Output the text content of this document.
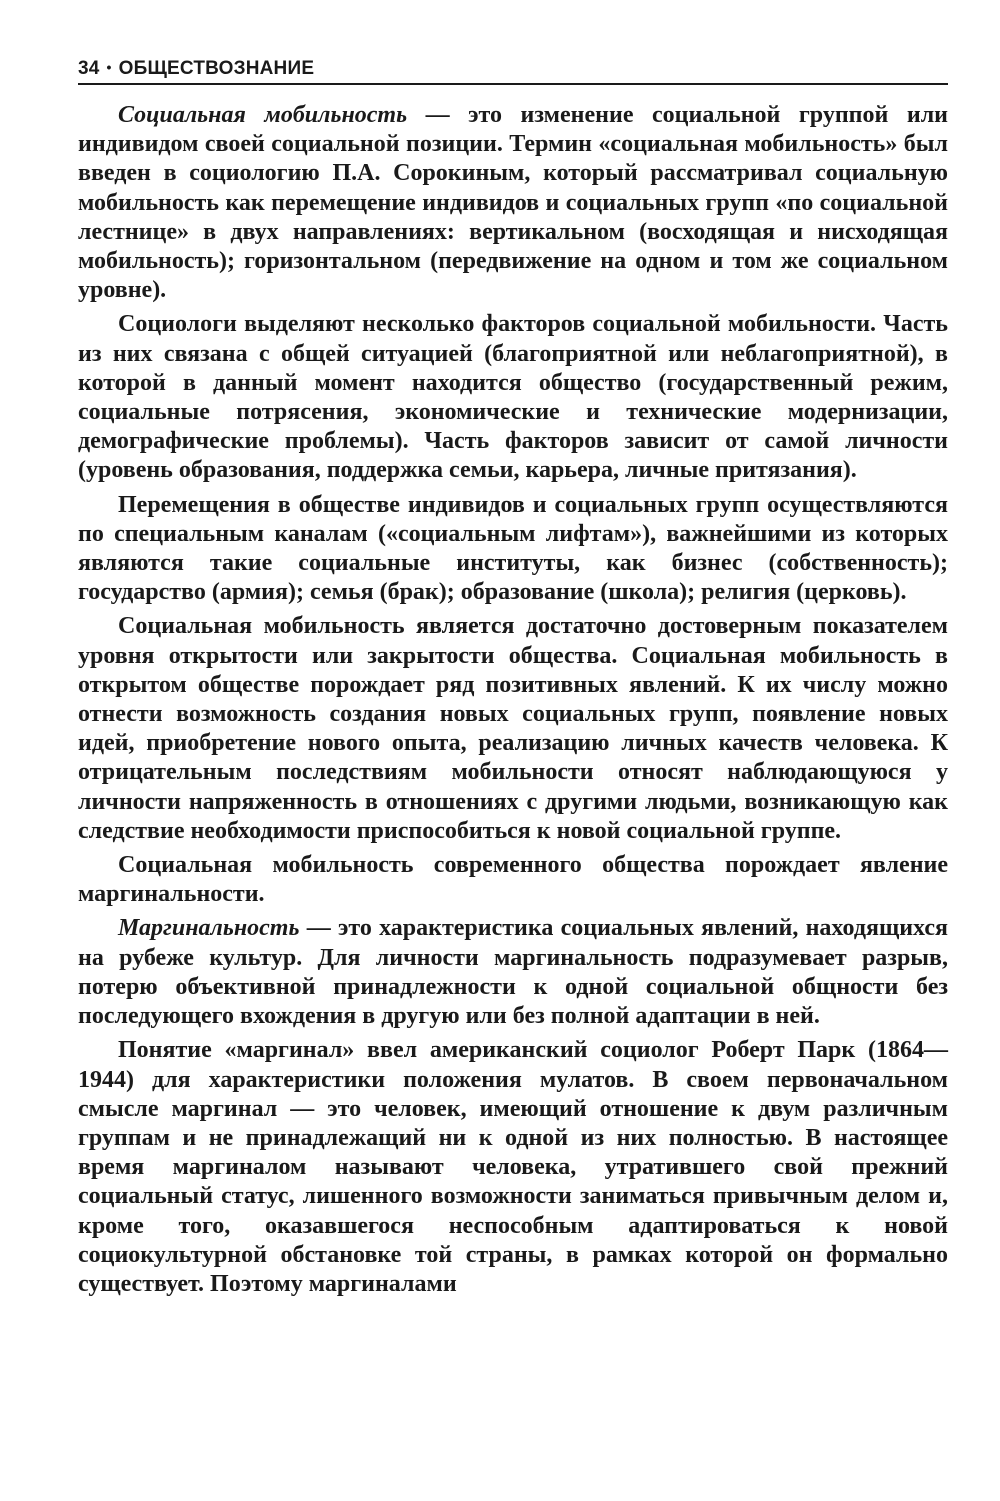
34 • ОБЩЕСТВОЗНАНИЕ

Социальная мобильность — это изменение социальной группой или индивидом своей социальной позиции. Термин «социальная мобильность» был введен в социологию П.А. Сорокиным, который рассматривал социальную мобильность как перемещение индивидов и социальных групп «по социальной лестнице» в двух направлениях: вертикальном (восходящая и нисходящая мобильность); горизонтальном (передвижение на одном и том же социальном уровне).

Социологи выделяют несколько факторов социальной мобильности. Часть из них связана с общей ситуацией (благоприятной или неблагоприятной), в которой в данный момент находится общество (государственный режим, социальные потрясения, экономические и технические модернизации, демографические проблемы). Часть факторов зависит от самой личности (уровень образования, поддержка семьи, карьера, личные притязания).

Перемещения в обществе индивидов и социальных групп осуществляются по специальным каналам («социальным лифтам»), важнейшими из которых являются такие социальные институты, как бизнес (собственность); государство (армия); семья (брак); образование (школа); религия (церковь).

Социальная мобильность является достаточно достоверным показателем уровня открытости или закрытости общества. Социальная мобильность в открытом обществе порождает ряд позитивных явлений. К их числу можно отнести возможность создания новых социальных групп, появление новых идей, приобретение нового опыта, реализацию личных качеств человека. К отрицательным последствиям мобильности относят наблюдающуюся у личности напряженность в отношениях с другими людьми, возникающую как следствие необходимости приспособиться к новой социальной группе.

Социальная мобильность современного общества порождает явление маргинальности.

Маргинальность — это характеристика социальных явлений, находящихся на рубеже культур. Для личности маргинальность подразумевает разрыв, потерю объективной принадлежности к одной социальной общности без последующего вхождения в другую или без полной адаптации в ней.

Понятие «маргинал» ввел американский социолог Роберт Парк (1864—1944) для характеристики положения мулатов. В своем первоначальном смысле маргинал — это человек, имеющий отношение к двум различным группам и не принадлежащий ни к одной из них полностью. В настоящее время маргиналом называют человека, утратившего свой прежний социальный статус, лишенного возможности заниматься привычным делом и, кроме того, оказавшегося неспособным адаптироваться к новой социокультурной обстановке той страны, в рамках которой он формально существует. Поэтому маргиналами
